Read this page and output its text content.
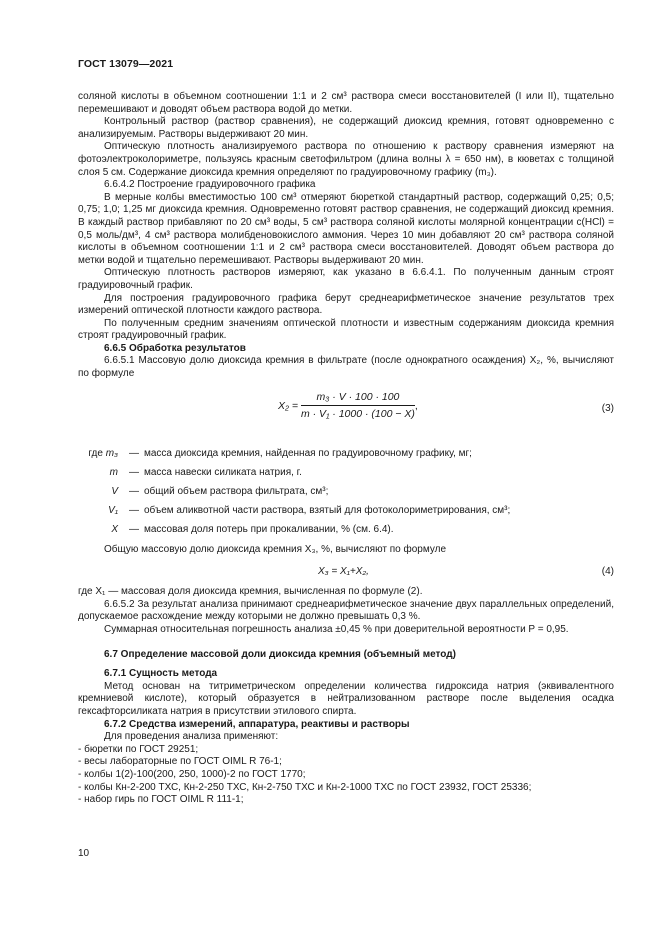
ГОСТ 13079—2021

соляной кислоты в объемном соотношении 1:1 и 2 см³ раствора смеси восстановителей (I или II), тщательно перемешивают и доводят объем раствора водой до метки.

Контрольный раствор (раствор сравнения), не содержащий диоксид кремния, готовят одновременно с анализируемым. Растворы выдерживают 20 мин.

Оптическую плотность анализируемого раствора по отношению к раствору сравнения измеряют на фотоэлектроколориметре, пользуясь красным светофильтром (длина волны λ = 650 нм), в кюветах с толщиной слоя 5 см. Содержание диоксида кремния определяют по градуировочному графику (m₃).

6.6.4.2 Построение градуировочного графика

В мерные колбы вместимостью 100 см³ отмеряют бюреткой стандартный раствор, содержащий 0,25; 0,5; 0,75; 1,0; 1,25 мг диоксида кремния. Одновременно готовят раствор сравнения, не содержащий диоксид кремния. В каждый раствор прибавляют по 20 см³ воды, 5 см³ раствора соляной кислоты молярной концентрации c(HCl) = 0,5 моль/дм³, 4 см³ раствора молибденовокислого аммония. Через 10 мин добавляют 20 см³ раствора соляной кислоты в объемном соотношении 1:1 и 2 см³ раствора смеси восстановителей. Доводят объем раствора до метки водой и тщательно перемешивают. Растворы выдерживают 20 мин.

Оптическую плотность растворов измеряют, как указано в 6.6.4.1. По полученным данным строят градуировочный график.

Для построения градуировочного графика берут среднеарифметическое значение результатов трех измерений оптической плотности каждого раствора.

По полученным средним значениям оптической плотности и известным содержаниям диоксида кремния строят градуировочный график.

6.6.5 Обработка результатов

6.6.5.1 Массовую долю диоксида кремния в фильтрате (после однократного осаждения) X₂, %, вычисляют по формуле

$X_2 = \frac{\text{m₃ · V · 100 · 100}}{\text{m · V₁ · 1000 · (100 − X)}}$ ,	(3)
где m₃	— масса диоксида кремния, найденная по градуировочному графику, мг;
m	— масса навески силиката натрия, г.
V	— общий объем раствора фильтрата, см³;
V₁	— объем аликвотной части раствора, взятый для фотоколориметрирования, см³;
X	— массовая доля потерь при прокаливании, % (см. 6.4).

Общую массовую долю диоксида кремния X₃, %, вычисляют по формуле

X₃ = X₁+X₂,	(4)

где X₁ — массовая доля диоксида кремния, вычисленная по формуле (2).

6.6.5.2 За результат анализа принимают среднеарифметическое значение двух параллельных определений, допускаемое расхождение между которыми не должно превышать 0,3 %.

Суммарная относительная погрешность анализа ±0,45 % при доверительной вероятности P = 0,95.

6.7 Определение массовой доли диоксида кремния (объемный метод)

6.7.1 Сущность метода

Метод основан на титриметрическом определении количества гидроксида натрия (эквивалентного кремниевой кислоте), который образуется в нейтрализованном растворе после выделения осадка гексафторсиликата натрия в присутствии этилового спирта.

6.7.2 Средства измерений, аппаратура, реактивы и растворы

Для проведения анализа применяют:

- бюретки по ГОСТ 29251;

- весы лабораторные по ГОСТ OIML R 76-1;

- колбы 1(2)-100(200, 250, 1000)-2 по ГОСТ 1770;

- колбы Кн-2-200 ТХС, Кн-2-250 ТХС, Кн-2-750 ТХС и Кн-2-1000 ТХС по ГОСТ 23932, ГОСТ 25336;

- набор гирь по ГОСТ OIML R 111-1;

10
